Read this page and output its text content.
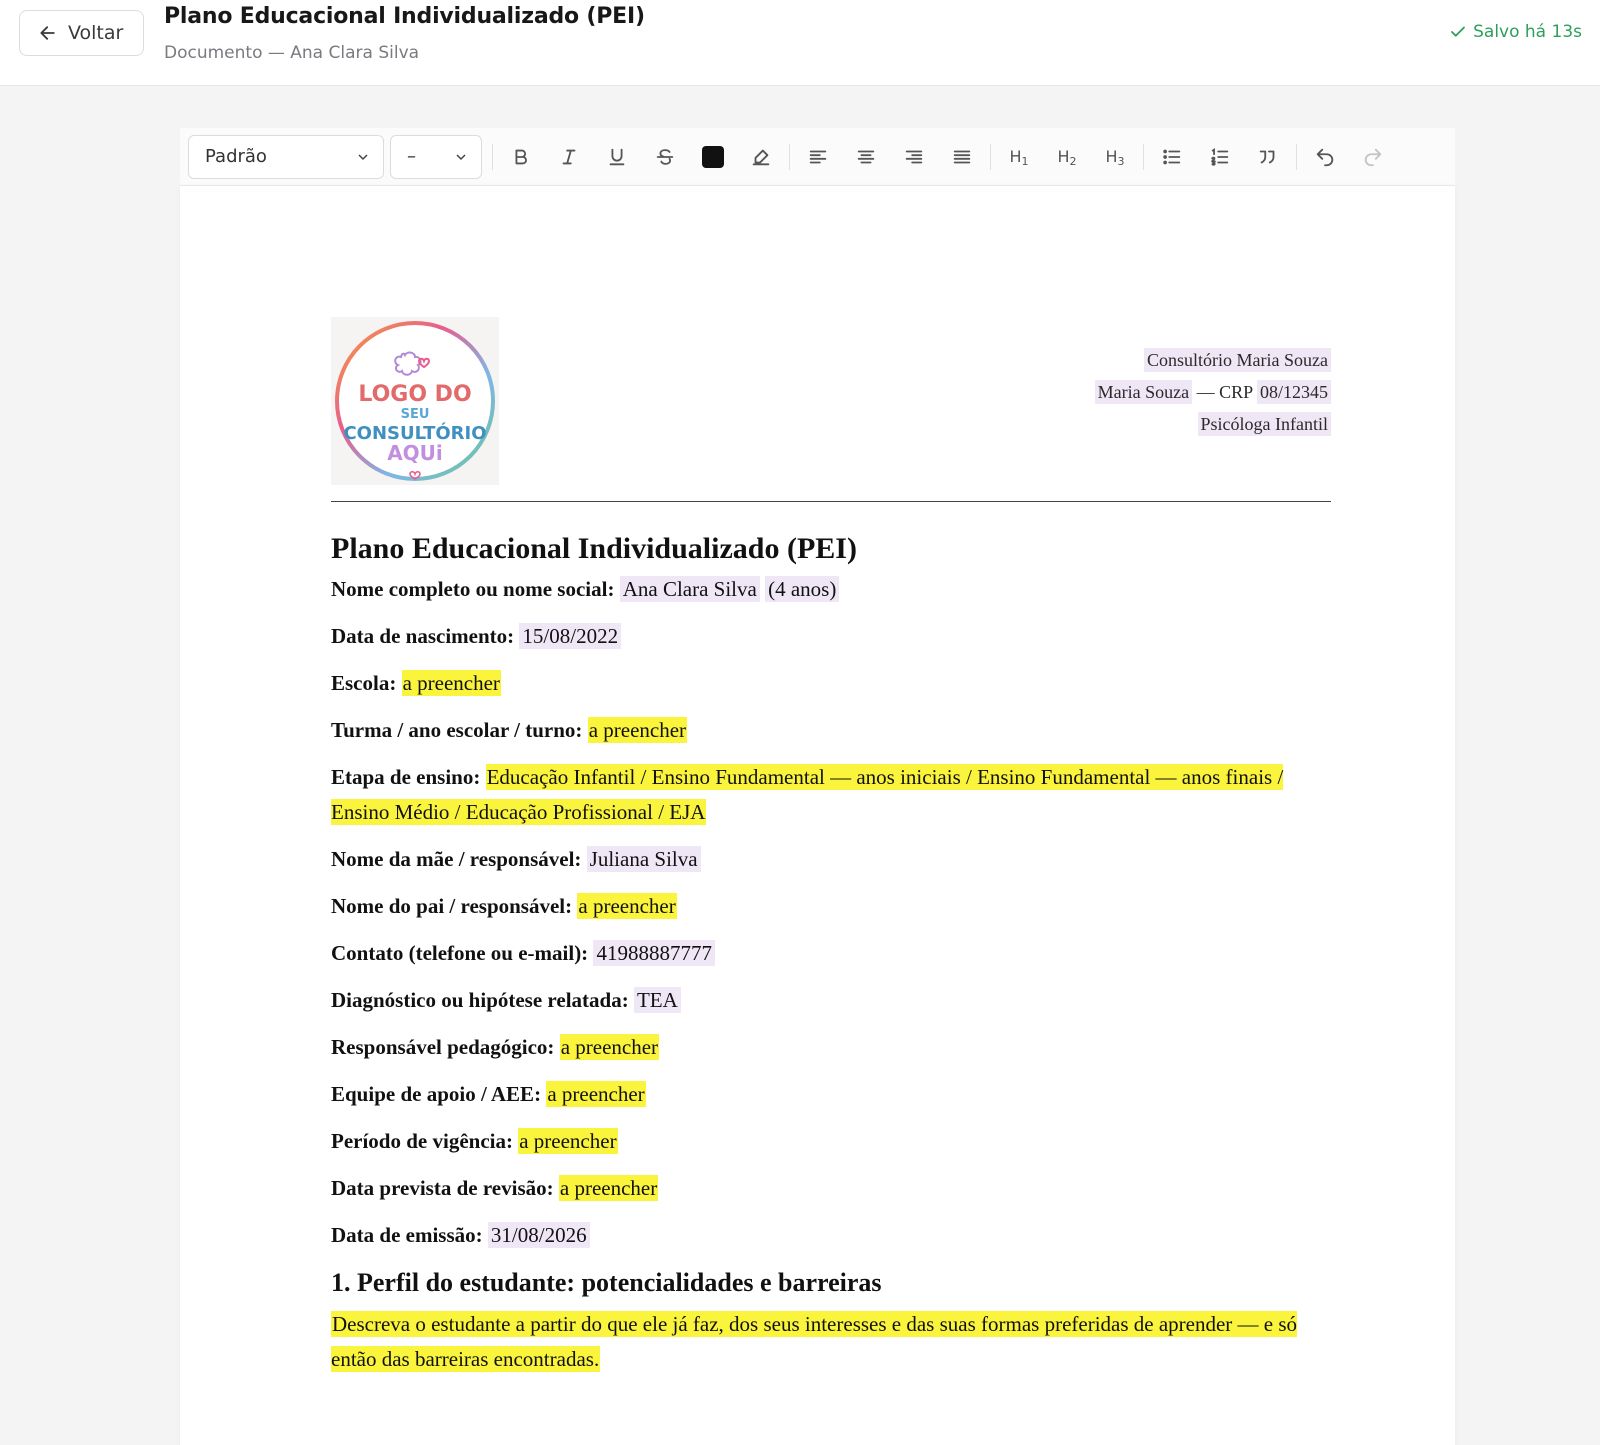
Voltar
Plano Educacional Individualizado (PEI)
Documento — Ana Clara Silva
Salvo há 13s
Padrão	–	$H_1$ $H_2$ $H_3$
LOGO DO
SEU
CONSULTÓRIO
AQUi
Consultório Maria Souza
Maria Souza — CRP 08/12345
Psicóloga Infantil
Plano Educacional Individualizado (PEI)
Nome completo ou nome social: Ana Clara Silva (4 anos)
Data de nascimento: 15/08/2022
Escola: a preencher
Turma / ano escolar / turno: a preencher
Etapa de ensino: Educação Infantil / Ensino Fundamental — anos iniciais / Ensino Fundamental — anos finais / Ensino Médio / Educação Profissional / EJA
Nome da mãe / responsável: Juliana Silva
Nome do pai / responsável: a preencher
Contato (telefone ou e-mail): 41988887777
Diagnóstico ou hipótese relatada: TEA
Responsável pedagógico: a preencher
Equipe de apoio / AEE: a preencher
Período de vigência: a preencher
Data prevista de revisão: a preencher
Data de emissão: 31/08/2026
1. Perfil do estudante: potencialidades e barreiras
Descreva o estudante a partir do que ele já faz, dos seus interesses e das suas formas preferidas de aprender — e só então das barreiras encontradas.
